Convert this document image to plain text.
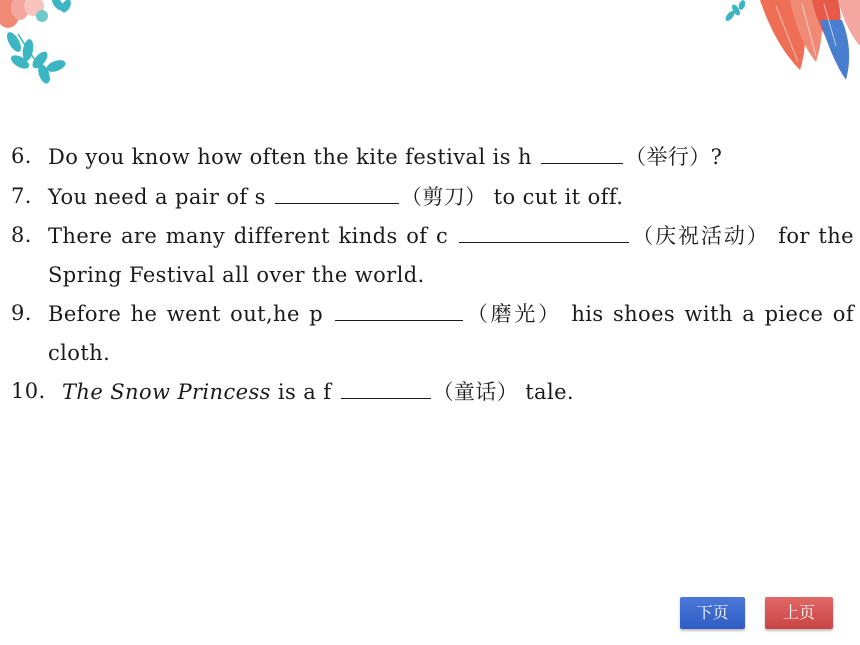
6. Do you know how often the kite festival is h	（举行）?
7. You need a pair of s	（剪刀） to cut it off.
8. There are many different kinds of c	（庆祝活动） for the
Spring Festival all over the world.
9. Before he went out,he p	（磨光） his shoes with a piece of
cloth.
10. The Snow Princess is a f	（童话） tale.
下页	上页
